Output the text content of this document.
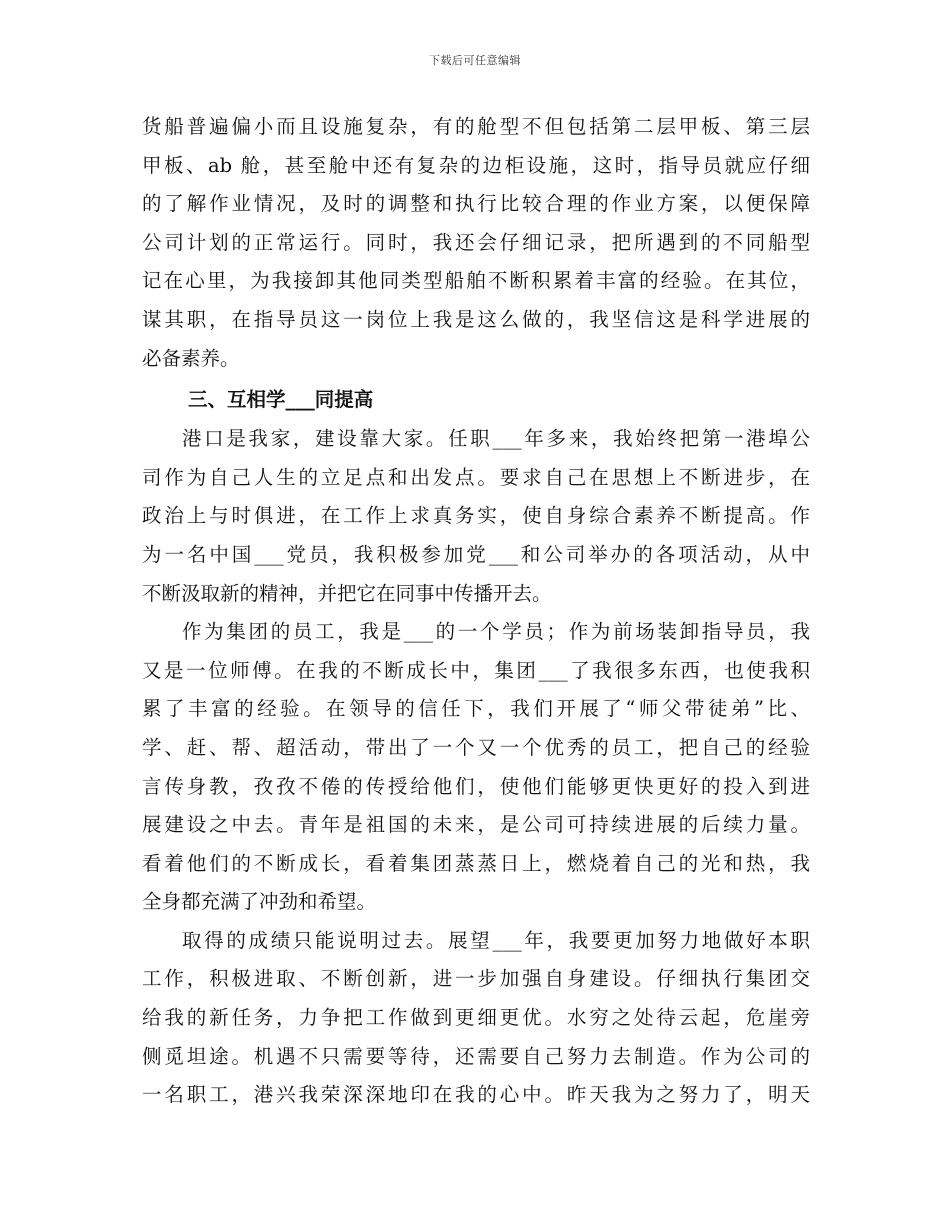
下载后可任意编辑
货船普遍偏小而且设施复杂，有的舱型不但包括第二层甲板、第三层
甲板、ab 舱，甚至舱中还有复杂的边柜设施，这时，指导员就应仔细
的了解作业情况，及时的调整和执行比较合理的作业方案，以便保障
公司计划的正常运行。同时，我还会仔细记录，把所遇到的不同船型
记在心里，为我接卸其他同类型船舶不断积累着丰富的经验。在其位，
谋其职，在指导员这一岗位上我是这么做的，我坚信这是科学进展的
必备素养。
三、互相学___同提高
港口是我家，建设靠大家。任职___年多来，我始终把第一港埠公
司作为自己人生的立足点和出发点。要求自己在思想上不断进步，在
政治上与时俱进，在工作上求真务实，使自身综合素养不断提高。作
为一名中国___党员，我积极参加党___和公司举办的各项活动，从中
不断汲取新的精神，并把它在同事中传播开去。
作为集团的员工，我是___的一个学员；作为前场装卸指导员，我
又是一位师傅。在我的不断成长中，集团___了我很多东西，也使我积
累了丰富的经验。在领导的信任下，我们开展了“师父带徒弟”比、
学、赶、帮、超活动，带出了一个又一个优秀的员工，把自己的经验
言传身教，孜孜不倦的传授给他们，使他们能够更快更好的投入到进
展建设之中去。青年是祖国的未来，是公司可持续进展的后续力量。
看着他们的不断成长，看着集团蒸蒸日上，燃烧着自己的光和热，我
全身都充满了冲劲和希望。
取得的成绩只能说明过去。展望___年，我要更加努力地做好本职
工作，积极进取、不断创新，进一步加强自身建设。仔细执行集团交
给我的新任务，力争把工作做到更细更优。水穷之处待云起，危崖旁
侧觅坦途。机遇不只需要等待，还需要自己努力去制造。作为公司的
一名职工，港兴我荣深深地印在我的心中。昨天我为之努力了，明天
